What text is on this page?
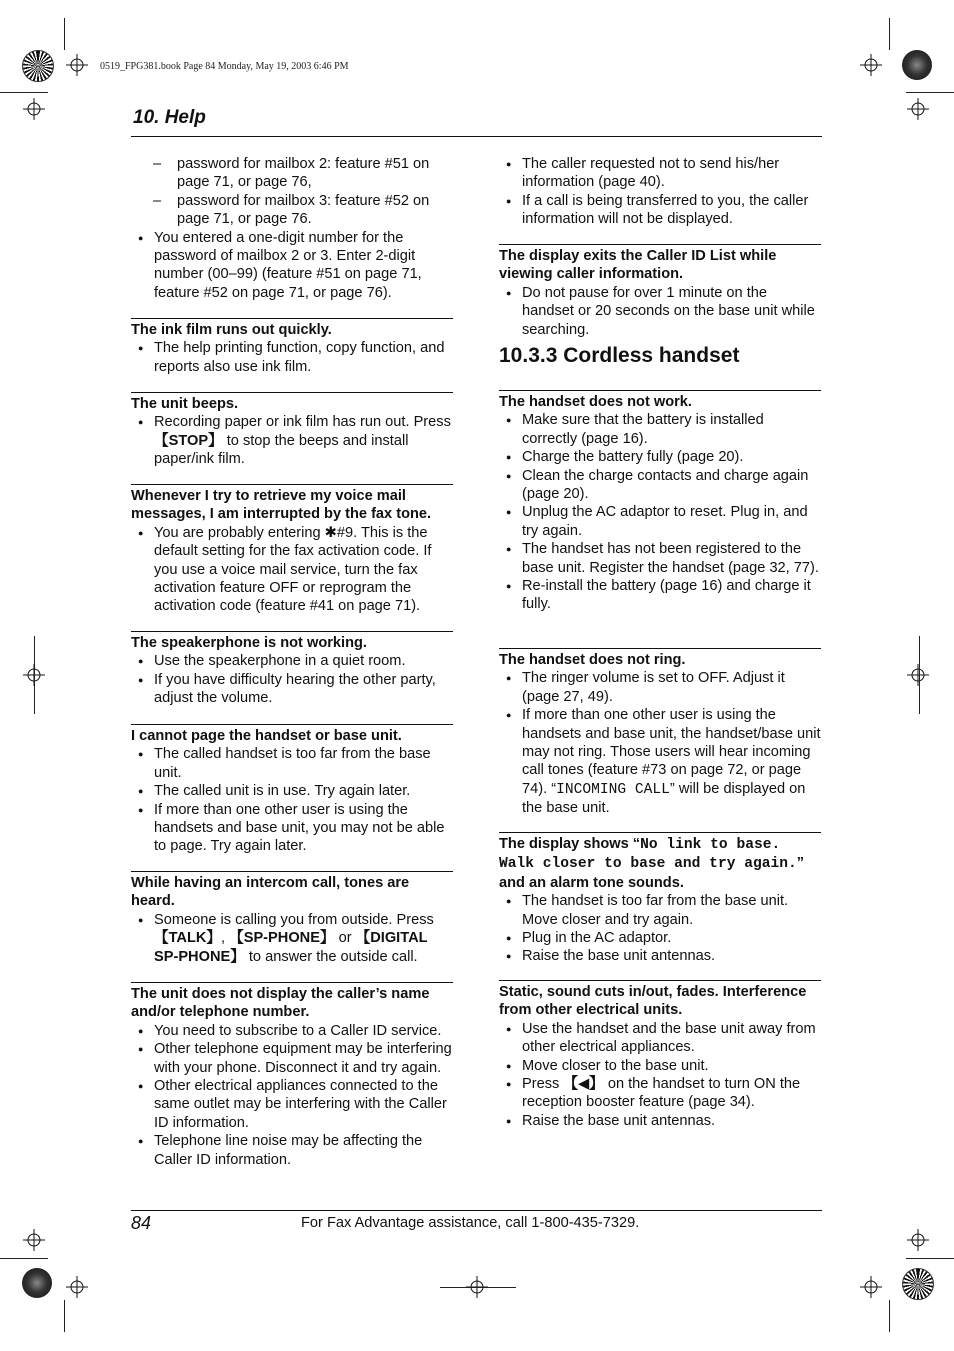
0519_FPG381.book Page 84 Monday, May 19, 2003 6:46 PM
10. Help
– password for mailbox 2: feature #51 on page 71, or page 76,
– password for mailbox 3: feature #52 on page 71, or page 76.
● You entered a one-digit number for the password of mailbox 2 or 3. Enter 2-digit number (00–99) (feature #51 on page 71, feature #52 on page 71, or page 76).
The ink film runs out quickly.
● The help printing function, copy function, and reports also use ink film.
The unit beeps.
● Recording paper or ink film has run out. Press 【STOP】 to stop the beeps and install paper/ink film.
Whenever I try to retrieve my voice mail messages, I am interrupted by the fax tone.
● You are probably entering ✱#9. This is the default setting for the fax activation code. If you use a voice mail service, turn the fax activation feature OFF or reprogram the activation code (feature #41 on page 71).
The speakerphone is not working.
● Use the speakerphone in a quiet room.
● If you have difficulty hearing the other party, adjust the volume.
I cannot page the handset or base unit.
● The called handset is too far from the base unit.
● The called unit is in use. Try again later.
● If more than one other user is using the handsets and base unit, you may not be able to page. Try again later.
While having an intercom call, tones are heard.
● Someone is calling you from outside. Press 【TALK】, 【SP-PHONE】 or 【DIGITAL SP-PHONE】 to answer the outside call.
The unit does not display the caller’s name and/or telephone number.
● You need to subscribe to a Caller ID service.
● Other telephone equipment may be interfering with your phone. Disconnect it and try again.
● Other electrical appliances connected to the same outlet may be interfering with the Caller ID information.
● Telephone line noise may be affecting the Caller ID information.
● The caller requested not to send his/her information (page 40).
● If a call is being transferred to you, the caller information will not be displayed.
The display exits the Caller ID List while viewing caller information.
● Do not pause for over 1 minute on the handset or 20 seconds on the base unit while searching.
10.3.3 Cordless handset
The handset does not work.
● Make sure that the battery is installed correctly (page 16).
● Charge the battery fully (page 20).
● Clean the charge contacts and charge again (page 20).
● Unplug the AC adaptor to reset. Plug in, and try again.
● The handset has not been registered to the base unit. Register the handset (page 32, 77).
● Re-install the battery (page 16) and charge it fully.
The handset does not ring.
● The ringer volume is set to OFF. Adjust it (page 27, 49).
● If more than one other user is using the handsets and base unit, the handset/base unit may not ring. Those users will hear incoming call tones (feature #73 on page 72, or page 74). “INCOMING CALL” will be displayed on the base unit.
The display shows “No link to base. Walk closer to base and try again.” and an alarm tone sounds.
● The handset is too far from the base unit. Move closer and try again.
● Plug in the AC adaptor.
● Raise the base unit antennas.
Static, sound cuts in/out, fades. Interference from other electrical units.
● Use the handset and the base unit away from other electrical appliances.
● Move closer to the base unit.
● Press 【◀】 on the handset to turn ON the reception booster feature (page 34).
● Raise the base unit antennas.
84	For Fax Advantage assistance, call 1-800-435-7329.
